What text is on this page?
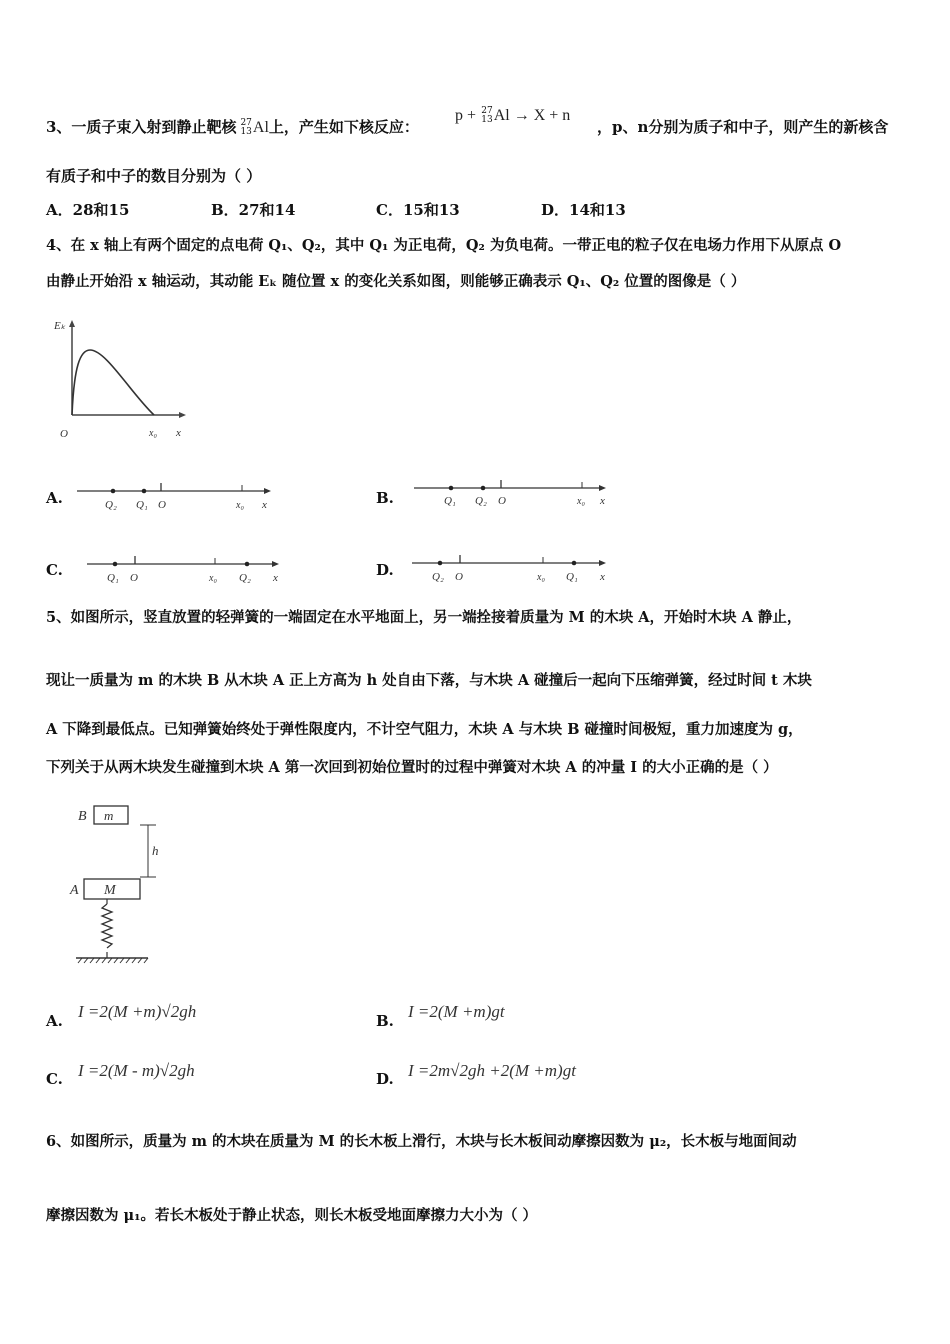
3、一质子束入射到静止靶核 27
13 Al上，产生如下核反应：
p + 27
13 Al → X + n
，p、n分别为质子和中子，则产生的新核含
有质子和中子的数目分别为（ ）
A．28和15	B．27和14	C．15和13	D．14和13
4、在 x 轴上有两个固定的点电荷 Q₁、Q₂，其中 Q₁ 为正电荷，Q₂ 为负电荷。一带正电的粒子仅在电场力作用下从原点 O
由静止开始沿 x 轴运动，其动能 Eₖ 随位置 x 的变化关系如图，则能够正确表示 Q₁、Q₂ 位置的图像是（ ）
Eₖ
O	x₀ x
A.	Q₂ Q₁ O	x₀ x	B.	Q₁ Q₂ O	x₀ x
C.	Q₁ O	x₀ Q₂ x	D.	Q₂ O	x₀ Q₁ x
5、如图所示，竖直放置的轻弹簧的一端固定在水平地面上，另一端拴接着质量为 M 的木块 A，开始时木块 A 静止，
现让一质量为 m 的木块 B 从木块 A 正上方高为 h 处自由下落，与木块 A 碰撞后一起向下压缩弹簧，经过时间 t 木块
A 下降到最低点。已知弹簧始终处于弹性限度内，不计空气阻力，木块 A 与木块 B 碰撞时间极短，重力加速度为 g，
下列关于从两木块发生碰撞到木块 A 第一次回到初始位置时的过程中弹簧对木块 A 的冲量 I 的大小正确的是（ ）
B m
h
A M
A. I =2(M +m)√2gh	B. I =2(M +m)gt
C. I =2(M - m)√2gh	D. I =2m√2gh +2(M +m)gt
6、如图所示，质量为 m 的木块在质量为 M 的长木板上滑行，木块与长木板间动摩擦因数为 μ₂，长木板与地面间动
摩擦因数为 μ₁。若长木板处于静止状态，则长木板受地面摩擦力大小为（ ）
